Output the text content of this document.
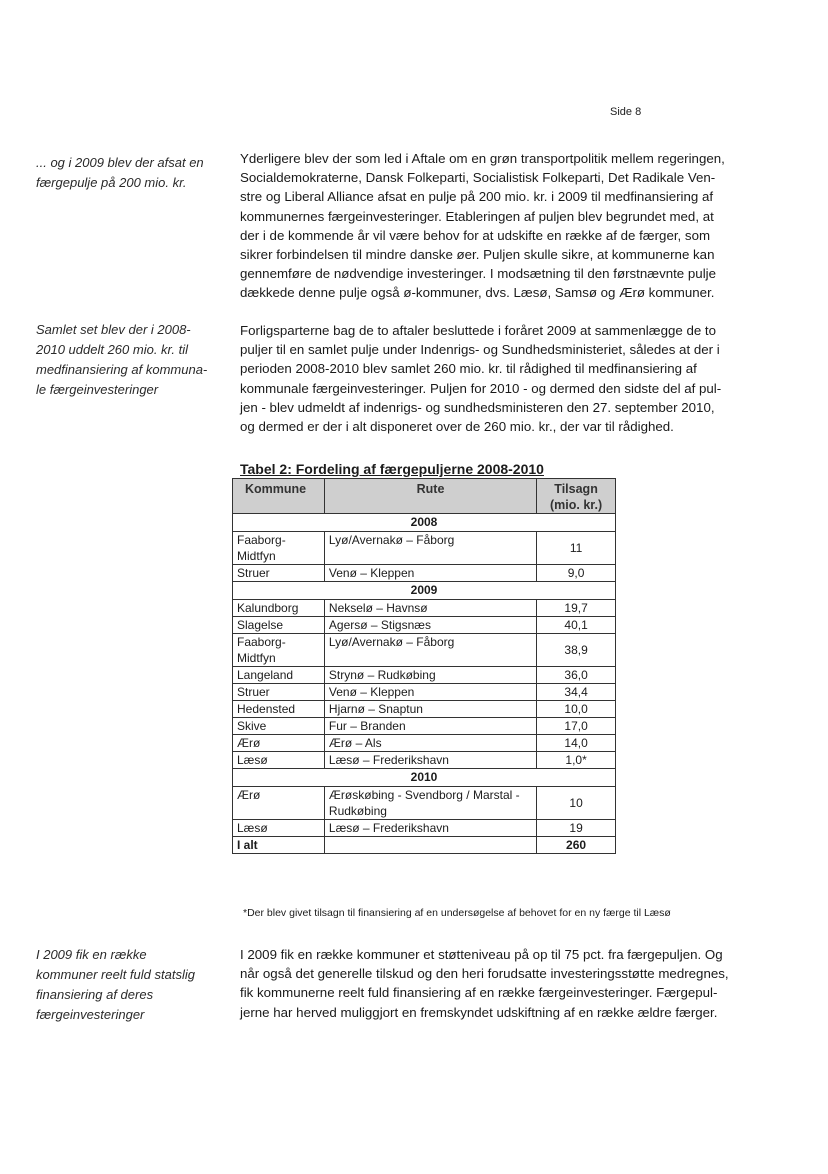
Side 8
... og i 2009 blev der afsat en
færgepulje på 200 mio. kr.
Samlet set blev der i 2008-
2010 uddelt 260 mio. kr. til
medfinansiering af kommuna-
le færgeinvesteringer
I 2009 fik en række
kommuner reelt fuld statslig
finansiering af deres
færgeinvesteringer
Yderligere blev der som led i Aftale om en grøn transportpolitik mellem regeringen,
Socialdemokraterne, Dansk Folkeparti, Socialistisk Folkeparti, Det Radikale Ven-
stre og Liberal Alliance afsat en pulje på 200 mio. kr. i 2009 til medfinansiering af
kommunernes færgeinvesteringer. Etableringen af puljen blev begrundet med, at
der i de kommende år vil være behov for at udskifte en række af de færger, som
sikrer forbindelsen til mindre danske øer. Puljen skulle sikre, at kommunerne kan
gennemføre de nødvendige investeringer. I modsætning til den førstnævnte pulje
dækkede denne pulje også ø-kommuner, dvs. Læsø, Samsø og Ærø kommuner.
Forligsparterne bag de to aftaler besluttede i foråret 2009 at sammenlægge de to
puljer til en samlet pulje under Indenrigs- og Sundhedsministeriet, således at der i
perioden 2008-2010 blev samlet 260 mio. kr. til rådighed til medfinansiering af
kommunale færgeinvesteringer. Puljen for 2010 - og dermed den sidste del af pul-
jen - blev udmeldt af indenrigs- og sundhedsministeren den 27. september 2010,
og dermed er der i alt disponeret over de 260 mio. kr., der var til rådighed.
Tabel 2: Fordeling af færgepuljerne 2008-2010
Kommune	Rute	Tilsagn (mio. kr.)
2008		
Faaborg-Midtfyn	Lyø/Avernakø – Fåborg	11
Struer	Venø – Kleppen	9,0
2009		
Kalundborg	Nekselø – Havnsø	19,7
Slagelse	Agersø – Stigsnæs	40,1
Faaborg-Midtfyn	Lyø/Avernakø – Fåborg	38,9
Langeland	Strynø – Rudkøbing	36,0
Struer	Venø – Kleppen	34,4
Hedensted	Hjarnø – Snaptun	10,0
Skive	Fur – Branden	17,0
Ærø	Ærø – Als	14,0
Læsø	Læsø – Frederikshavn	1,0*
2010		
Ærø	Ærøskøbing - Svendborg / Marstal - Rudkøbing	10
Læsø	Læsø – Frederikshavn	19
I alt		260
*Der blev givet tilsagn til finansiering af en undersøgelse af behovet for en ny færge til Læsø
I 2009 fik en række kommuner et støtteniveau på op til 75 pct. fra færgepuljen. Og
når også det generelle tilskud og den heri forudsatte investeringsstøtte medregnes,
fik kommunerne reelt fuld finansiering af en række færgeinvesteringer. Færgepul-
jerne har herved muliggjort en fremskyndet udskiftning af en række ældre færger.
